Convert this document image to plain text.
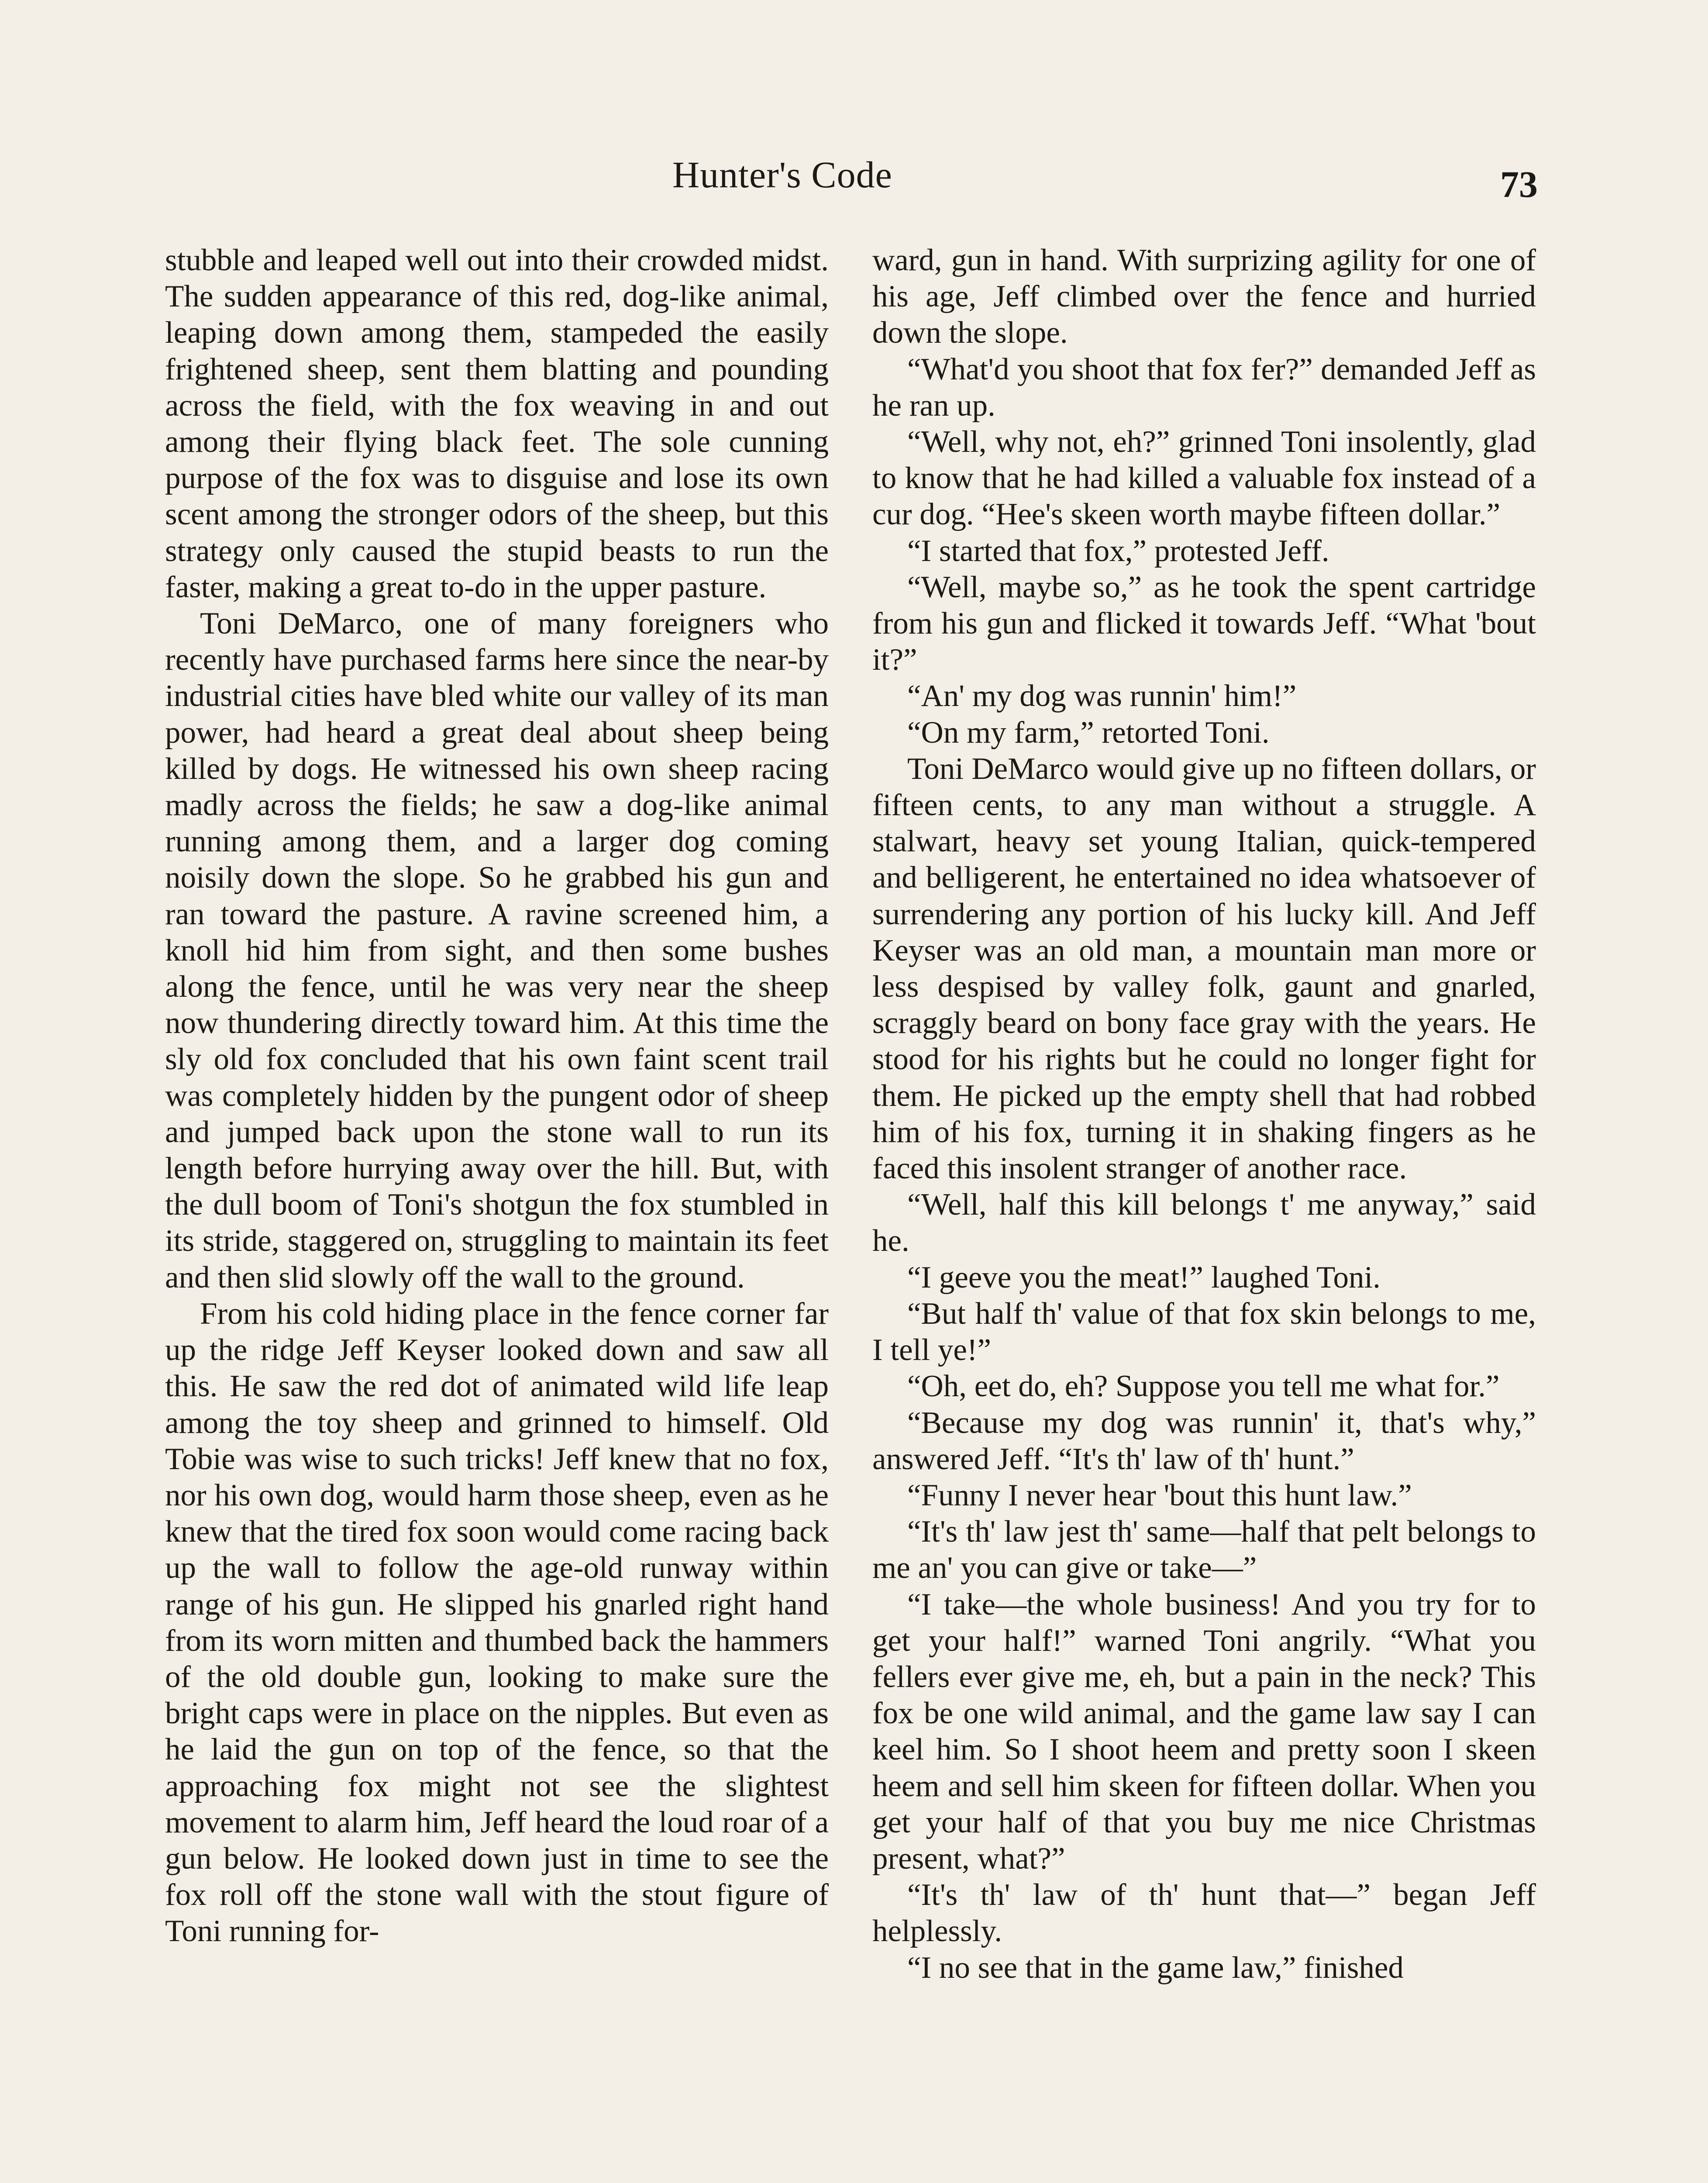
Hunter's Code	73

stubble and leaped well out into their crowded midst. The sudden appearance of this red, dog-like animal, leaping down among them, stampeded the easily frightened sheep, sent them blatting and pounding across the field, with the fox weaving in and out among their flying black feet. The sole cunning purpose of the fox was to disguise and lose its own scent among the stronger odors of the sheep, but this strategy only caused the stupid beasts to run the faster, making a great to-do in the upper pasture.

Toni DeMarco, one of many foreigners who recently have purchased farms here since the near-by industrial cities have bled white our valley of its man power, had heard a great deal about sheep being killed by dogs. He witnessed his own sheep racing madly across the fields; he saw a dog-like animal running among them, and a larger dog coming noisily down the slope. So he grabbed his gun and ran toward the pasture. A ravine screened him, a knoll hid him from sight, and then some bushes along the fence, until he was very near the sheep now thundering directly toward him. At this time the sly old fox concluded that his own faint scent trail was completely hidden by the pungent odor of sheep and jumped back upon the stone wall to run its length before hurrying away over the hill. But, with the dull boom of Toni's shotgun the fox stumbled in its stride, staggered on, struggling to maintain its feet and then slid slowly off the wall to the ground.

From his cold hiding place in the fence corner far up the ridge Jeff Keyser looked down and saw all this. He saw the red dot of animated wild life leap among the toy sheep and grinned to himself. Old Tobie was wise to such tricks! Jeff knew that no fox, nor his own dog, would harm those sheep, even as he knew that the tired fox soon would come racing back up the wall to follow the age-old runway within range of his gun. He slipped his gnarled right hand from its worn mitten and thumbed back the hammers of the old double gun, looking to make sure the bright caps were in place on the nipples. But even as he laid the gun on top of the fence, so that the approaching fox might not see the slightest movement to alarm him, Jeff heard the loud roar of a gun below. He looked down just in time to see the fox roll off the stone wall with the stout figure of Toni running for-

ward, gun in hand. With surprizing agility for one of his age, Jeff climbed over the fence and hurried down the slope.

“What'd you shoot that fox fer?” demanded Jeff as he ran up.

“Well, why not, eh?” grinned Toni insolently, glad to know that he had killed a valuable fox instead of a cur dog. “Hee's skeen worth maybe fifteen dollar.”

“I started that fox,” protested Jeff.

“Well, maybe so,” as he took the spent cartridge from his gun and flicked it towards Jeff. “What 'bout it?”

“An' my dog was runnin' him!”

“On my farm,” retorted Toni.

Toni DeMarco would give up no fifteen dollars, or fifteen cents, to any man without a struggle. A stalwart, heavy set young Italian, quick-tempered and belligerent, he entertained no idea whatsoever of surrendering any portion of his lucky kill. And Jeff Keyser was an old man, a mountain man more or less despised by valley folk, gaunt and gnarled, scraggly beard on bony face gray with the years. He stood for his rights but he could no longer fight for them. He picked up the empty shell that had robbed him of his fox, turning it in shaking fingers as he faced this insolent stranger of another race.

“Well, half this kill belongs t' me anyway,” said he.

“I geeve you the meat!” laughed Toni.

“But half th' value of that fox skin belongs to me, I tell ye!”

“Oh, eet do, eh? Suppose you tell me what for.”

“Because my dog was runnin' it, that's why,” answered Jeff. “It's th' law of th' hunt.”

“Funny I never hear 'bout this hunt law.”

“It's th' law jest th' same—half that pelt belongs to me an' you can give or take—”

“I take—the whole business! And you try for to get your half!” warned Toni angrily. “What you fellers ever give me, eh, but a pain in the neck? This fox be one wild animal, and the game law say I can keel him. So I shoot heem and pretty soon I skeen heem and sell him skeen for fifteen dollar. When you get your half of that you buy me nice Christmas present, what?”

“It's th' law of th' hunt that—” began Jeff helplessly.

“I no see that in the game law,” finished
